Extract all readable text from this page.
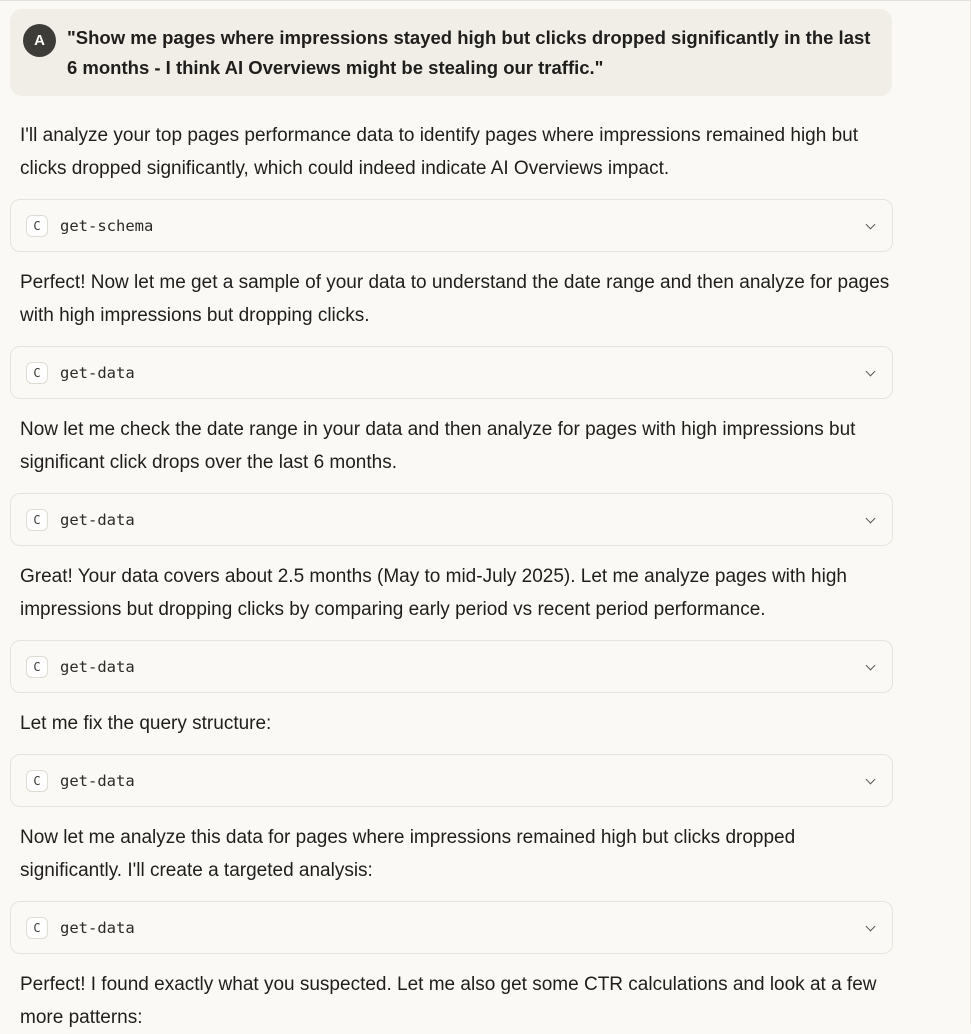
A	"Show me pages where impressions stayed high but clicks dropped significantly in the last 6 months - I think AI Overviews might be stealing our traffic."

I'll analyze your top pages performance data to identify pages where impressions remained high but clicks dropped significantly, which could indeed indicate AI Overviews impact.

C	get-schema

Perfect! Now let me get a sample of your data to understand the date range and then analyze for pages with high impressions but dropping clicks.

C	get-data

Now let me check the date range in your data and then analyze for pages with high impressions but significant click drops over the last 6 months.

C	get-data

Great! Your data covers about 2.5 months (May to mid-July 2025). Let me analyze pages with high impressions but dropping clicks by comparing early period vs recent period performance.

C	get-data

Let me fix the query structure:

C	get-data

Now let me analyze this data for pages where impressions remained high but clicks dropped significantly. I'll create a targeted analysis:

C	get-data

Perfect! I found exactly what you suspected. Let me also get some CTR calculations and look at a few more patterns:
